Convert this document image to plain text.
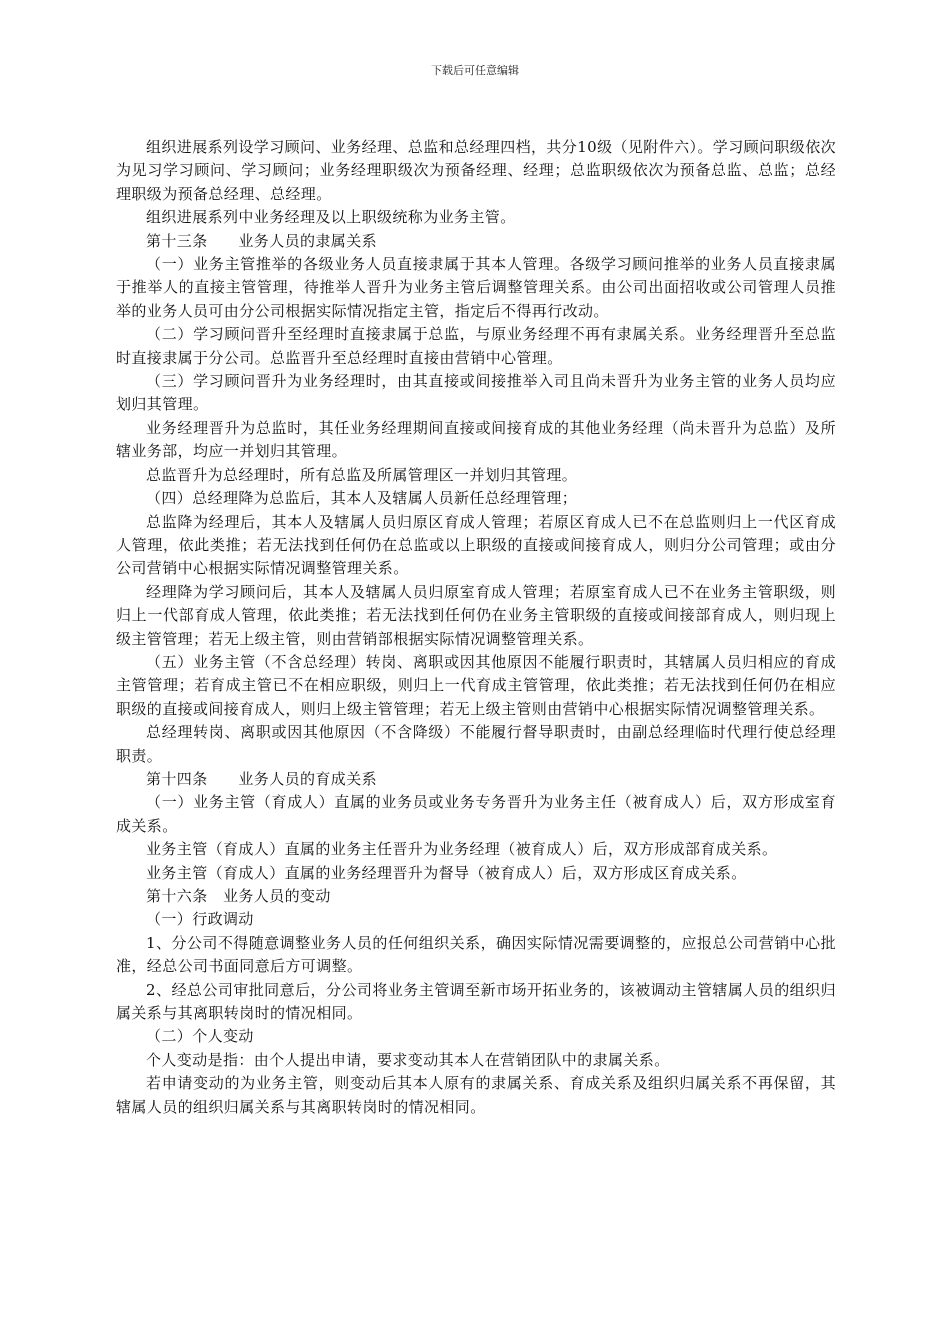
下载后可任意编辑

组织进展系列设学习顾问、业务经理、总监和总经理四档，共分10级（见附件六）。学习顾问职级依次为见习学习顾问、学习顾问；业务经理职级次为预备经理、经理；总监职级依次为预备总监、总监；总经理职级为预备总经理、总经理。

组织进展系列中业务经理及以上职级统称为业务主管。

第十三条　　业务人员的隶属关系

（一）业务主管推举的各级业务人员直接隶属于其本人管理。各级学习顾问推举的业务人员直接隶属于推举人的直接主管管理，待推举人晋升为业务主管后调整管理关系。由公司出面招收或公司管理人员推举的业务人员可由分公司根据实际情况指定主管，指定后不得再行改动。

（二）学习顾问晋升至经理时直接隶属于总监，与原业务经理不再有隶属关系。业务经理晋升至总监时直接隶属于分公司。总监晋升至总经理时直接由营销中心管理。

（三）学习顾问晋升为业务经理时，由其直接或间接推举入司且尚未晋升为业务主管的业务人员均应划归其管理。

业务经理晋升为总监时，其任业务经理期间直接或间接育成的其他业务经理（尚未晋升为总监）及所辖业务部，均应一并划归其管理。

总监晋升为总经理时，所有总监及所属管理区一并划归其管理。

（四）总经理降为总监后，其本人及辖属人员新任总经理管理；

总监降为经理后，其本人及辖属人员归原区育成人管理；若原区育成人已不在总监则归上一代区育成人管理，依此类推；若无法找到任何仍在总监或以上职级的直接或间接育成人，则归分公司管理；或由分公司营销中心根据实际情况调整管理关系。

经理降为学习顾问后，其本人及辖属人员归原室育成人管理；若原室育成人已不在业务主管职级，则归上一代部育成人管理，依此类推；若无法找到任何仍在业务主管职级的直接或间接部育成人，则归现上级主管管理；若无上级主管，则由营销部根据实际情况调整管理关系。

（五）业务主管（不含总经理）转岗、离职或因其他原因不能履行职责时，其辖属人员归相应的育成主管管理；若育成主管已不在相应职级，则归上一代育成主管管理，依此类推；若无法找到任何仍在相应职级的直接或间接育成人，则归上级主管管理；若无上级主管则由营销中心根据实际情况调整管理关系。

总经理转岗、离职或因其他原因（不含降级）不能履行督导职责时，由副总经理临时代理行使总经理职责。

第十四条　　业务人员的育成关系

（一）业务主管（育成人）直属的业务员或业务专务晋升为业务主任（被育成人）后，双方形成室育成关系。

业务主管（育成人）直属的业务主任晋升为业务经理（被育成人）后，双方形成部育成关系。

业务主管（育成人）直属的业务经理晋升为督导（被育成人）后，双方形成区育成关系。

第十六条　业务人员的变动

（一）行政调动

1、分公司不得随意调整业务人员的任何组织关系，确因实际情况需要调整的，应报总公司营销中心批准，经总公司书面同意后方可调整。

2、经总公司审批同意后，分公司将业务主管调至新市场开拓业务的，该被调动主管辖属人员的组织归属关系与其离职转岗时的情况相同。

（二）个人变动

个人变动是指：由个人提出申请，要求变动其本人在营销团队中的隶属关系。

若申请变动的为业务主管，则变动后其本人原有的隶属关系、育成关系及组织归属关系不再保留，其辖属人员的组织归属关系与其离职转岗时的情况相同。
